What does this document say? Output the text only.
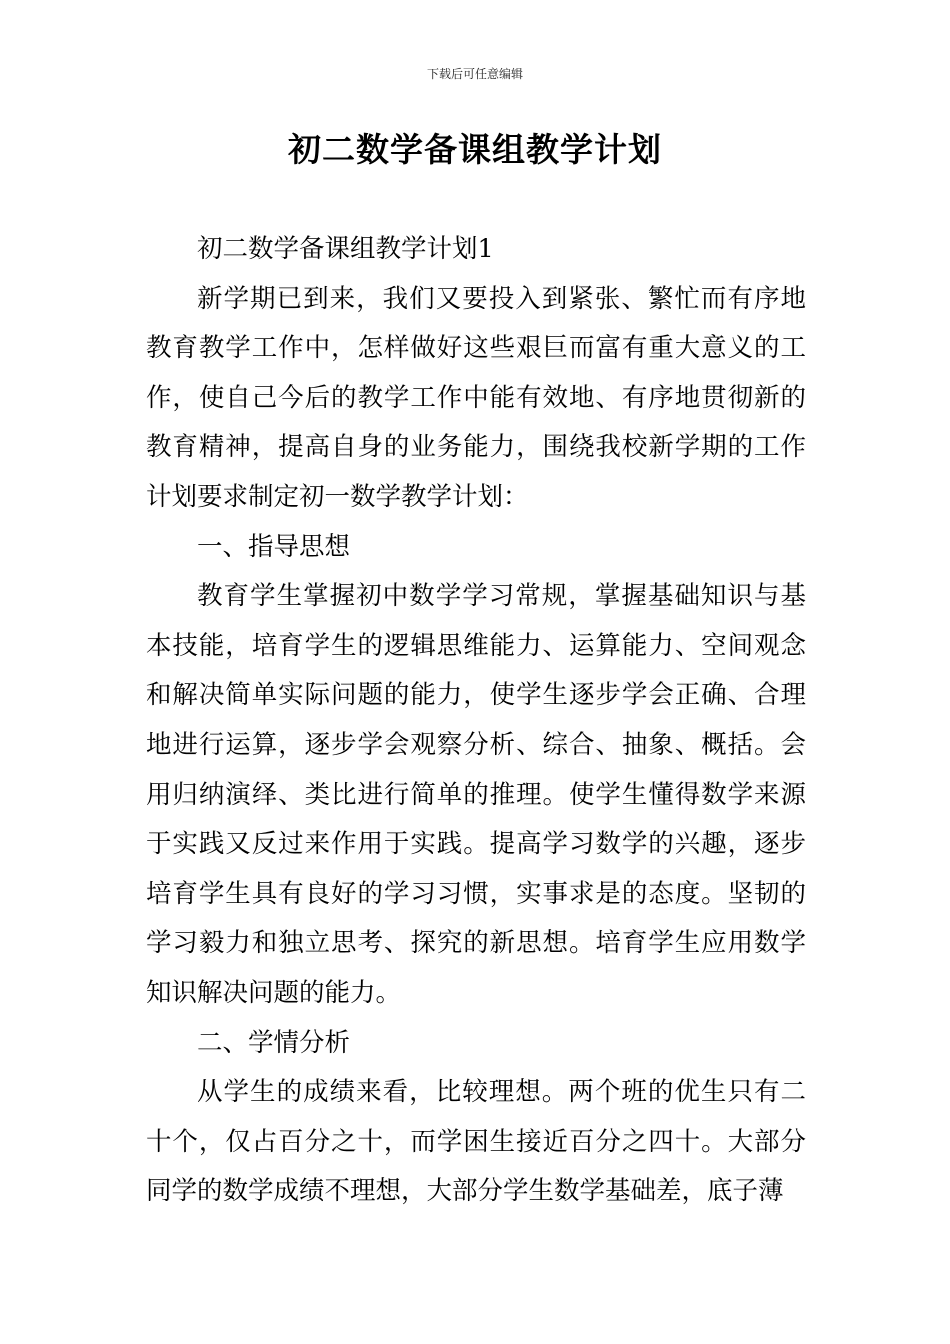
下载后可任意编辑
初二数学备课组教学计划

初二数学备课组教学计划1

新学期已到来，我们又要投入到紧张、繁忙而有序地教育教学工作中，怎样做好这些艰巨而富有重大意义的工作，使自己今后的教学工作中能有效地、有序地贯彻新的教育精神，提高自身的业务能力，围绕我校新学期的工作计划要求制定初一数学教学计划：

一、指导思想

教育学生掌握初中数学学习常规，掌握基础知识与基本技能，培育学生的逻辑思维能力、运算能力、空间观念和解决简单实际问题的能力，使学生逐步学会正确、合理地进行运算，逐步学会观察分析、综合、抽象、概括。会用归纳演绎、类比进行简单的推理。使学生懂得数学来源于实践又反过来作用于实践。提高学习数学的兴趣，逐步培育学生具有良好的学习习惯，实事求是的态度。坚韧的学习毅力和独立思考、探究的新思想。培育学生应用数学知识解决问题的能力。

二、学情分析

从学生的成绩来看，比较理想。两个班的优生只有二十个，仅占百分之十，而学困生接近百分之四十。大部分同学的数学成绩不理想，大部分学生数学基础差，底子薄
